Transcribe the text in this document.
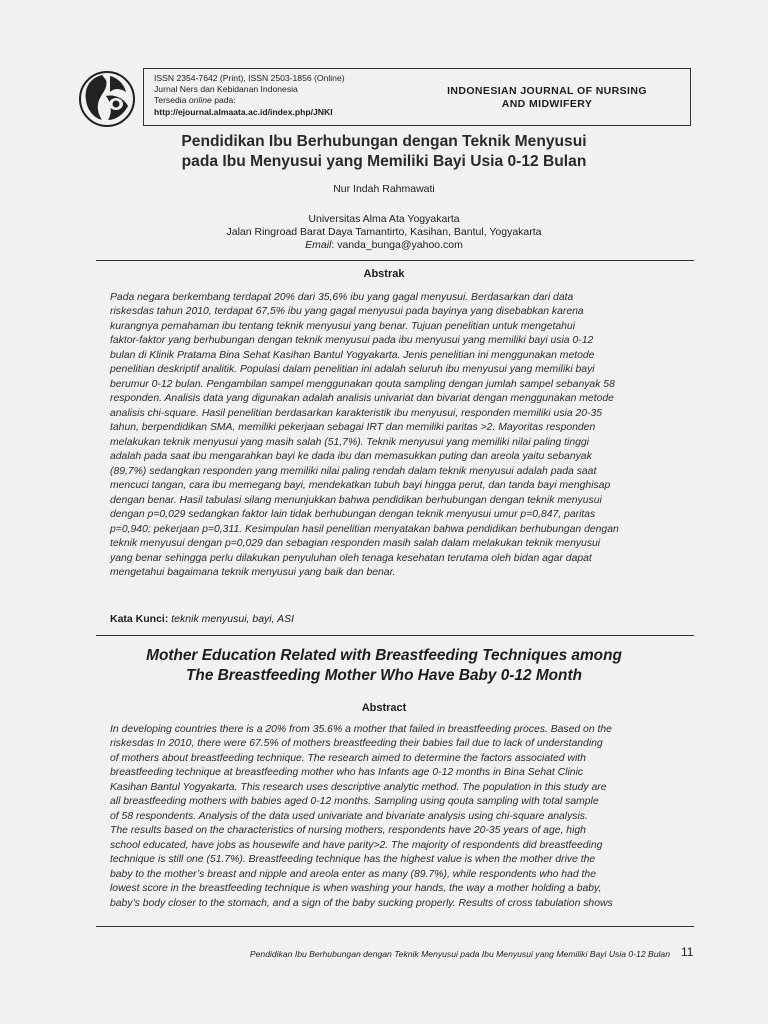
ISSN 2354-7642 (Print), ISSN 2503-1856 (Online)
Jurnal Ners dan Kebidanan Indonesia
Tersedia online pada:
http://ejournal.almaata.ac.id/index.php/JNKI
INDONESIAN JOURNAL OF NURSING
AND MIDWIFERY
Pendidikan Ibu Berhubungan dengan Teknik Menyusui
pada Ibu Menyusui yang Memiliki Bayi Usia 0-12 Bulan
Nur Indah Rahmawati
Universitas Alma Ata Yogyakarta
Jalan Ringroad Barat Daya Tamantirto, Kasihan, Bantul, Yogyakarta
Email: vanda_bunga@yahoo.com
Abstrak
Pada negara berkembang terdapat 20% dari 35,6% ibu yang gagal menyusui. Berdasarkan dari data
riskesdas tahun 2010, terdapat 67,5% ibu yang gagal menyusui pada bayinya yang disebabkan karena
kurangnya pemahaman ibu tentang teknik menyusui yang benar. Tujuan penelitian untuk mengetahui
faktor-faktor yang berhubungan dengan teknik menyusui pada ibu menyusui yang memiliki bayi usia 0-12
bulan di Klinik Pratama Bina Sehat Kasihan Bantul Yogyakarta. Jenis penelitian ini menggunakan metode
penelitian deskriptif analitik. Populasi dalam penelitian ini adalah seluruh ibu menyusui yang memiliki bayi
berumur 0-12 bulan. Pengambilan sampel menggunakan qouta sampling dengan jumlah sampel sebanyak 58
responden. Analisis data yang digunakan adalah analisis univariat dan bivariat dengan menggunakan metode
analisis chi-square. Hasil penelitian berdasarkan karakteristik ibu menyusui, responden memiliki usia 20-35
tahun, berpendidikan SMA, memiliki pekerjaan sebagai IRT dan memiliki paritas >2. Mayoritas responden
melakukan teknik menyusui yang masih salah (51,7%). Teknik menyusui yang memiliki nilai paling tinggi
adalah pada saat ibu mengarahkan bayi ke dada ibu dan memasukkan puting dan areola yaitu sebanyak
(89,7%) sedangkan responden yang memiliki nilai paling rendah dalam teknik menyusui adalah pada saat
mencuci tangan, cara ibu memegang bayi, mendekatkan tubuh bayi hingga perut, dan tanda bayi menghisap
dengan benar. Hasil tabulasi silang menunjukkan bahwa pendidikan berhubungan dengan teknik menyusui
dengan p=0,029 sedangkan faktor lain tidak berhubungan dengan teknik menyusui umur p=0,847, paritas
p=0,940; pekerjaan p=0,311. Kesimpulan hasil penelitian menyatakan bahwa pendidikan berhubungan dengan
teknik menyusui dengan p=0,029 dan sebagian responden masih salah dalam melakukan teknik menyusui
yang benar sehingga perlu dilakukan penyuluhan oleh tenaga kesehatan terutama oleh bidan agar dapat
mengetahui bagaimana teknik menyusui yang baik dan benar.
Kata Kunci: teknik menyusui, bayi, ASI
Mother Education Related with Breastfeeding Techniques among
The Breastfeeding Mother Who Have Baby 0-12 Month
Abstract
In developing countries there is a 20% from 35.6% a mother that failed in breastfeeding proces. Based on the
riskesdas In 2010, there were 67.5% of mothers breastfeeding their babies fail due to lack of understanding
of mothers about breastfeeding technique. The research aimed to determine the factors associated with
breastfeeding technique at breastfeeding mother who has Infants age 0-12 months in Bina Sehat Clinic
Kasihan Bantul Yogyakarta. This research uses descriptive analytic method. The population in this study are
all breastfeeding mothers with babies aged 0-12 months. Sampling using qouta sampling with total sample
of 58 respondents. Analysis of the data used univariate and bivariate analysis using chi-square analysis.
The results based on the characteristics of nursing mothers, respondents have 20-35 years of age, high
school educated, have jobs as housewife and have parity>2. The majority of respondents did breastfeeding
technique is still one (51.7%). Breastfeeding technique has the highest value is when the mother drive the
baby to the mother’s breast and nipple and areola enter as many (89.7%), while respondents who had the
lowest score in the breastfeeding technique is when washing your hands, the way a mother holding a baby,
baby’s body closer to the stomach, and a sign of the baby sucking properly. Results of cross tabulation shows
Pendidikan Ibu Berhubungan dengan Teknik Menyusui pada Ibu Menyusui yang Memiliki Bayi Usia 0-12 Bulan 11
